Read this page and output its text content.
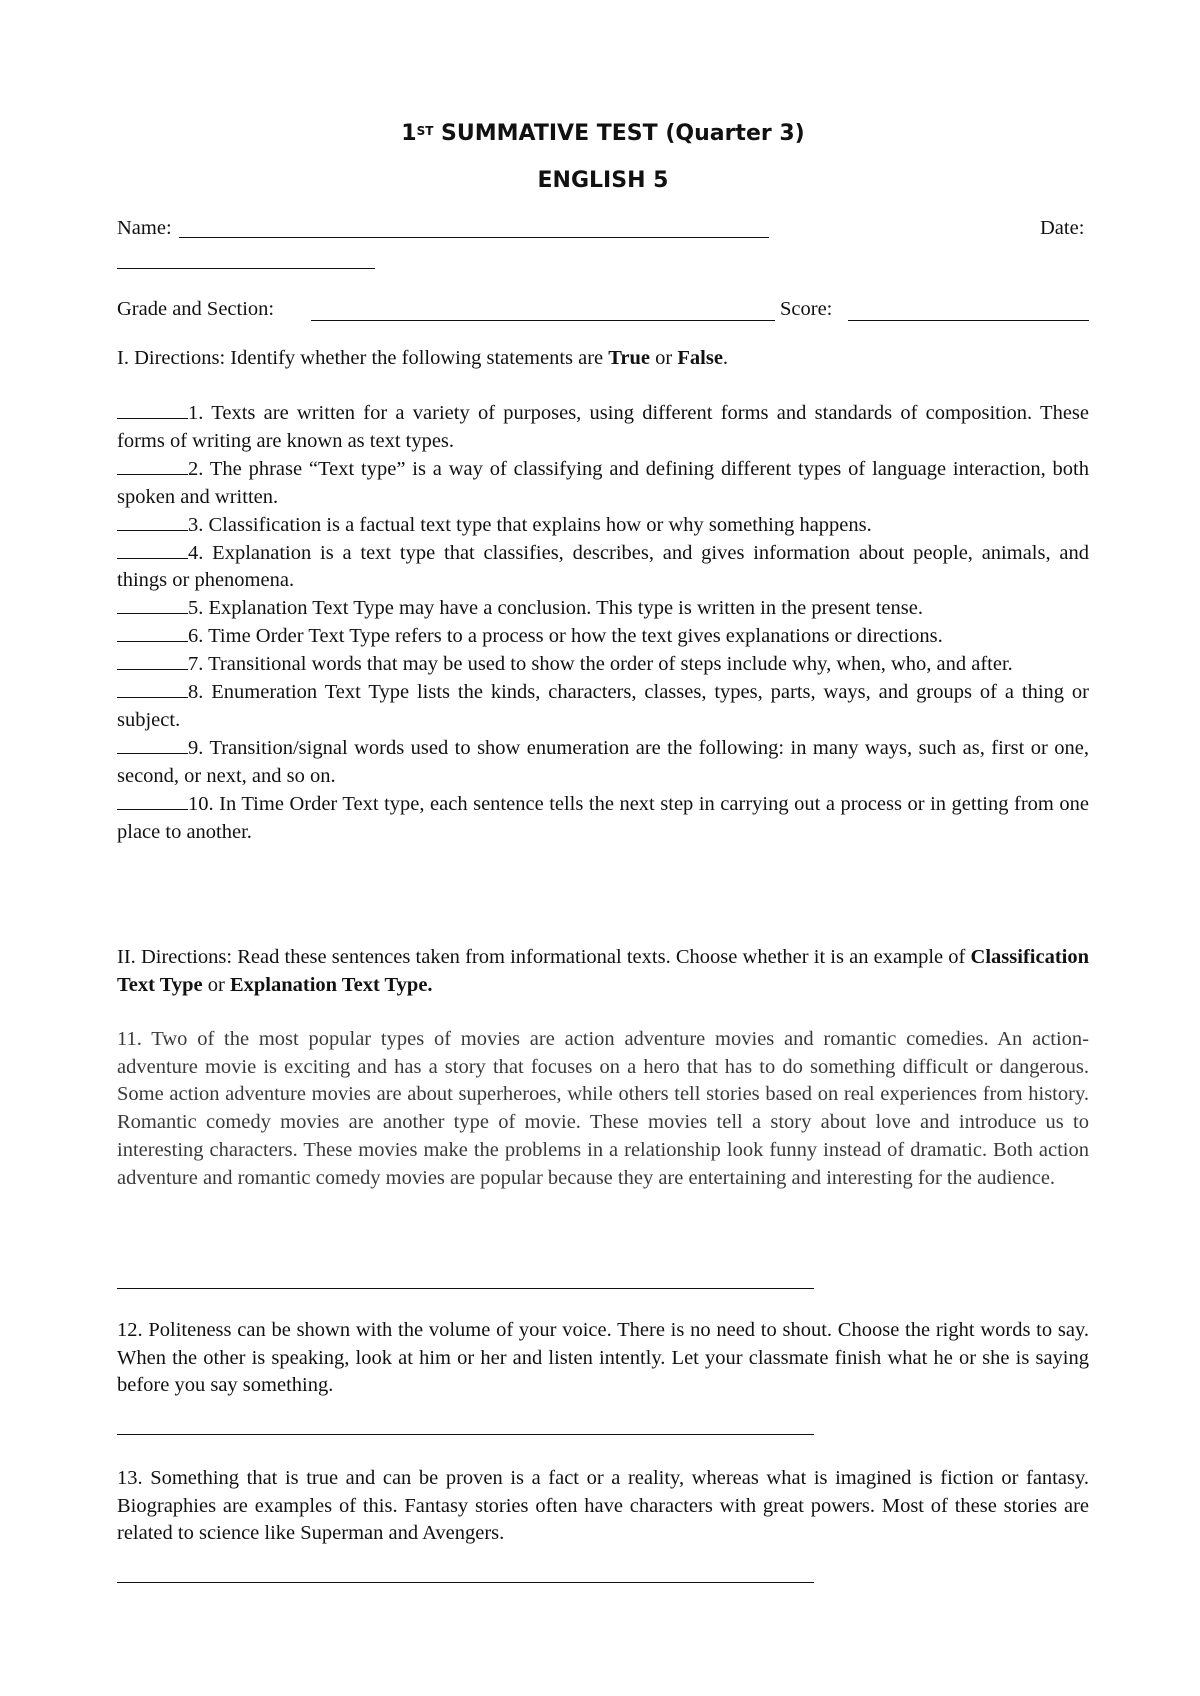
1ST SUMMATIVE TEST (Quarter 3)
ENGLISH 5
Name:	Date:
Grade and Section:	Score:
I. Directions: Identify whether the following statements are True or False.

1. Texts are written for a variety of purposes, using different forms and standards of composition. These forms of writing are known as text types.

2. The phrase “Text type” is a way of classifying and defining different types of language interaction, both spoken and written.

3. Classification is a factual text type that explains how or why something happens.

4. Explanation is a text type that classifies, describes, and gives information about people, animals, and things or phenomena.

5. Explanation Text Type may have a conclusion. This type is written in the present tense.

6. Time Order Text Type refers to a process or how the text gives explanations or directions.

7. Transitional words that may be used to show the order of steps include why, when, who, and after.

8. Enumeration Text Type lists the kinds, characters, classes, types, parts, ways, and groups of a thing or subject.

9. Transition/signal words used to show enumeration are the following: in many ways, such as, first or one, second, or next, and so on.

10. In Time Order Text type, each sentence tells the next step in carrying out a process or in getting from one place to another.

II. Directions: Read these sentences taken from informational texts. Choose whether it is an example of Classification Text Type or Explanation Text Type.
11. Two of the most popular types of movies are action adventure movies and romantic comedies. An action-adventure movie is exciting and has a story that focuses on a hero that has to do something difficult or dangerous. Some action adventure movies are about superheroes, while others tell stories based on real experiences from history. Romantic comedy movies are another type of movie. These movies tell a story about love and introduce us to interesting characters. These movies make the problems in a relationship look funny instead of dramatic. Both action adventure and romantic comedy movies are popular because they are entertaining and interesting for the audience.
12. Politeness can be shown with the volume of your voice. There is no need to shout. Choose the right words to say. When the other is speaking, look at him or her and listen intently. Let your classmate finish what he or she is saying before you say something.
13. Something that is true and can be proven is a fact or a reality, whereas what is imagined is fiction or fantasy. Biographies are examples of this. Fantasy stories often have characters with great powers. Most of these stories are related to science like Superman and Avengers.
